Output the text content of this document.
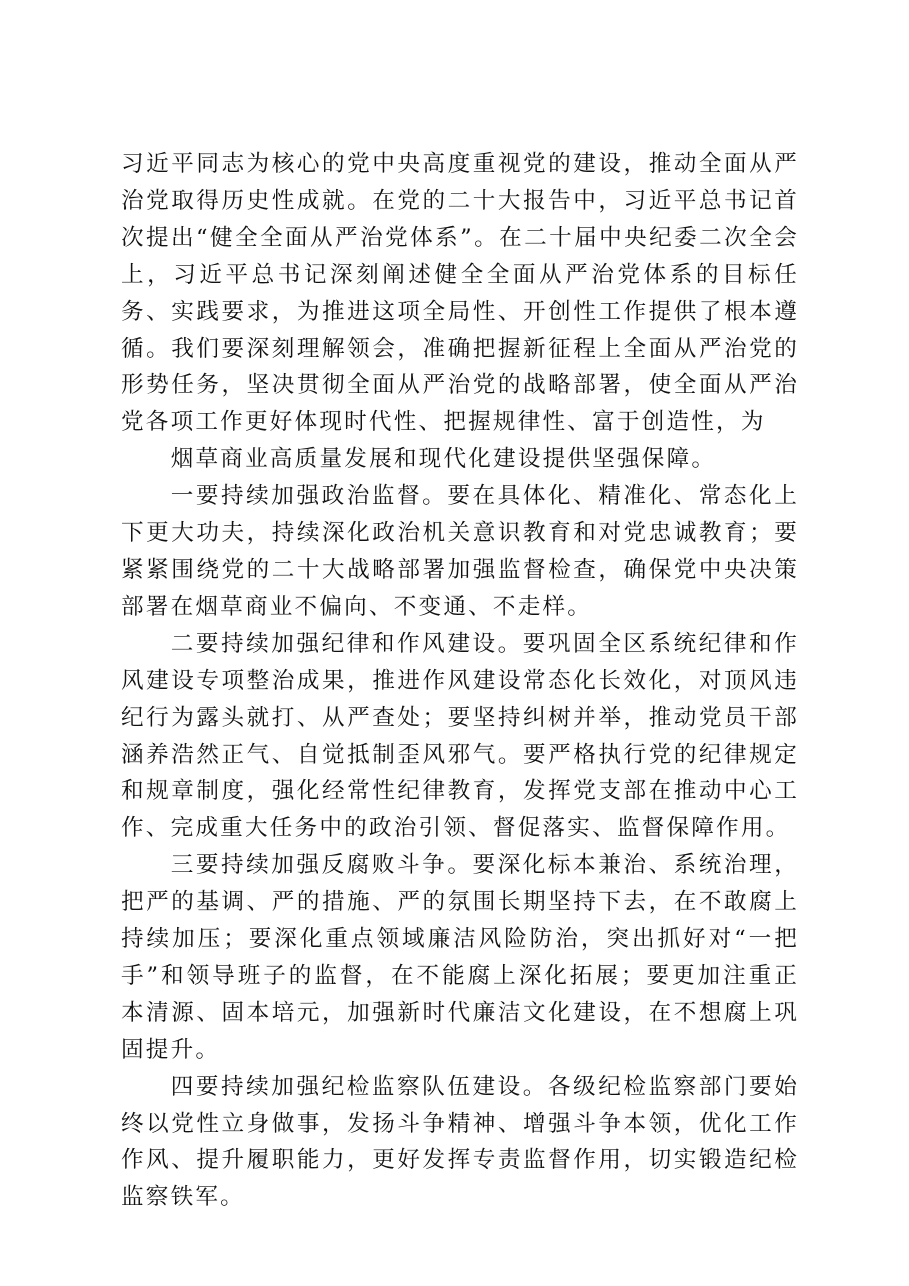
习近平同志为核心的党中央高度重视党的建设，推动全面从严治党取得历史性成就。在党的二十大报告中，习近平总书记首次提出“健全全面从严治党体系”。在二十届中央纪委二次全会上，习近平总书记深刻阐述健全全面从严治党体系的目标任务、实践要求，为推进这项全局性、开创性工作提供了根本遵循。我们要深刻理解领会，准确把握新征程上全面从严治党的形势任务，坚决贯彻全面从严治党的战略部署，使全面从严治党各项工作更好体现时代性、把握规律性、富于创造性，为

烟草商业高质量发展和现代化建设提供坚强保障。

一要持续加强政治监督。要在具体化、精准化、常态化上下更大功夫，持续深化政治机关意识教育和对党忠诚教育；要紧紧围绕党的二十大战略部署加强监督检查，确保党中央决策部署在烟草商业不偏向、不变通、不走样。

二要持续加强纪律和作风建设。要巩固全区系统纪律和作风建设专项整治成果，推进作风建设常态化长效化，对顶风违纪行为露头就打、从严查处；要坚持纠树并举，推动党员干部涵养浩然正气、自觉抵制歪风邪气。要严格执行党的纪律规定和规章制度，强化经常性纪律教育，发挥党支部在推动中心工作、完成重大任务中的政治引领、督促落实、监督保障作用。

三要持续加强反腐败斗争。要深化标本兼治、系统治理，把严的基调、严的措施、严的氛围长期坚持下去，在不敢腐上持续加压；要深化重点领域廉洁风险防治，突出抓好对“一把手”和领导班子的监督，在不能腐上深化拓展；要更加注重正本清源、固本培元，加强新时代廉洁文化建设，在不想腐上巩固提升。

四要持续加强纪检监察队伍建设。各级纪检监察部门要始终以党性立身做事，发扬斗争精神、增强斗争本领，优化工作作风、提升履职能力，更好发挥专责监督作用，切实锻造纪检监察铁军。
